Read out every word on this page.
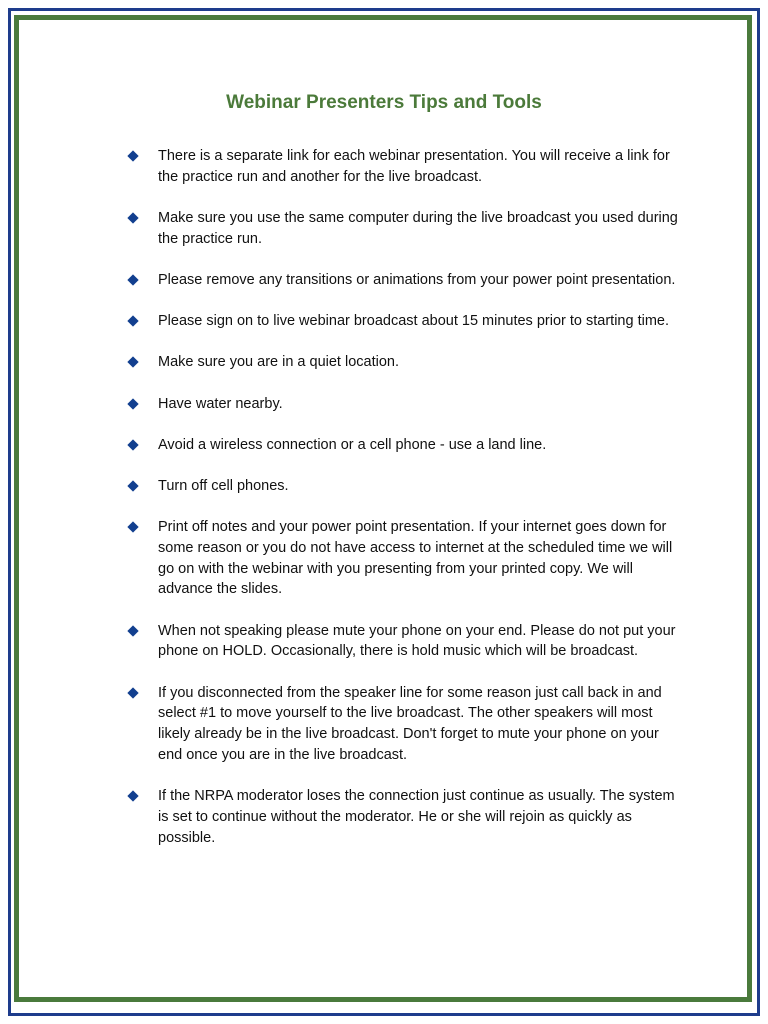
Webinar Presenters Tips and Tools
There is a separate link for each webinar presentation. You will receive a link for the practice run and another for the live broadcast.
Make sure you use the same computer during the live broadcast you used during the practice run.
Please remove any transitions or animations from your power point presentation.
Please sign on to live webinar broadcast about 15 minutes prior to starting time.
Make sure you are in a quiet location.
Have water nearby.
Avoid a wireless connection or a cell phone - use a land line.
Turn off cell phones.
Print off notes and your power point presentation. If your internet goes down for some reason or you do not have access to internet at the scheduled time we will go on with the webinar with you presenting from your printed copy. We will advance the slides.
When not speaking please mute your phone on your end. Please do not put your phone on HOLD. Occasionally, there is hold music which will be broadcast.
If you disconnected from the speaker line for some reason just call back in and select #1 to move yourself to the live broadcast. The other speakers will most likely already be in the live broadcast. Don't forget to mute your phone on your end once you are in the live broadcast.
If the NRPA moderator loses the connection just continue as usually. The system is set to continue without the moderator. He or she will rejoin as quickly as possible.
